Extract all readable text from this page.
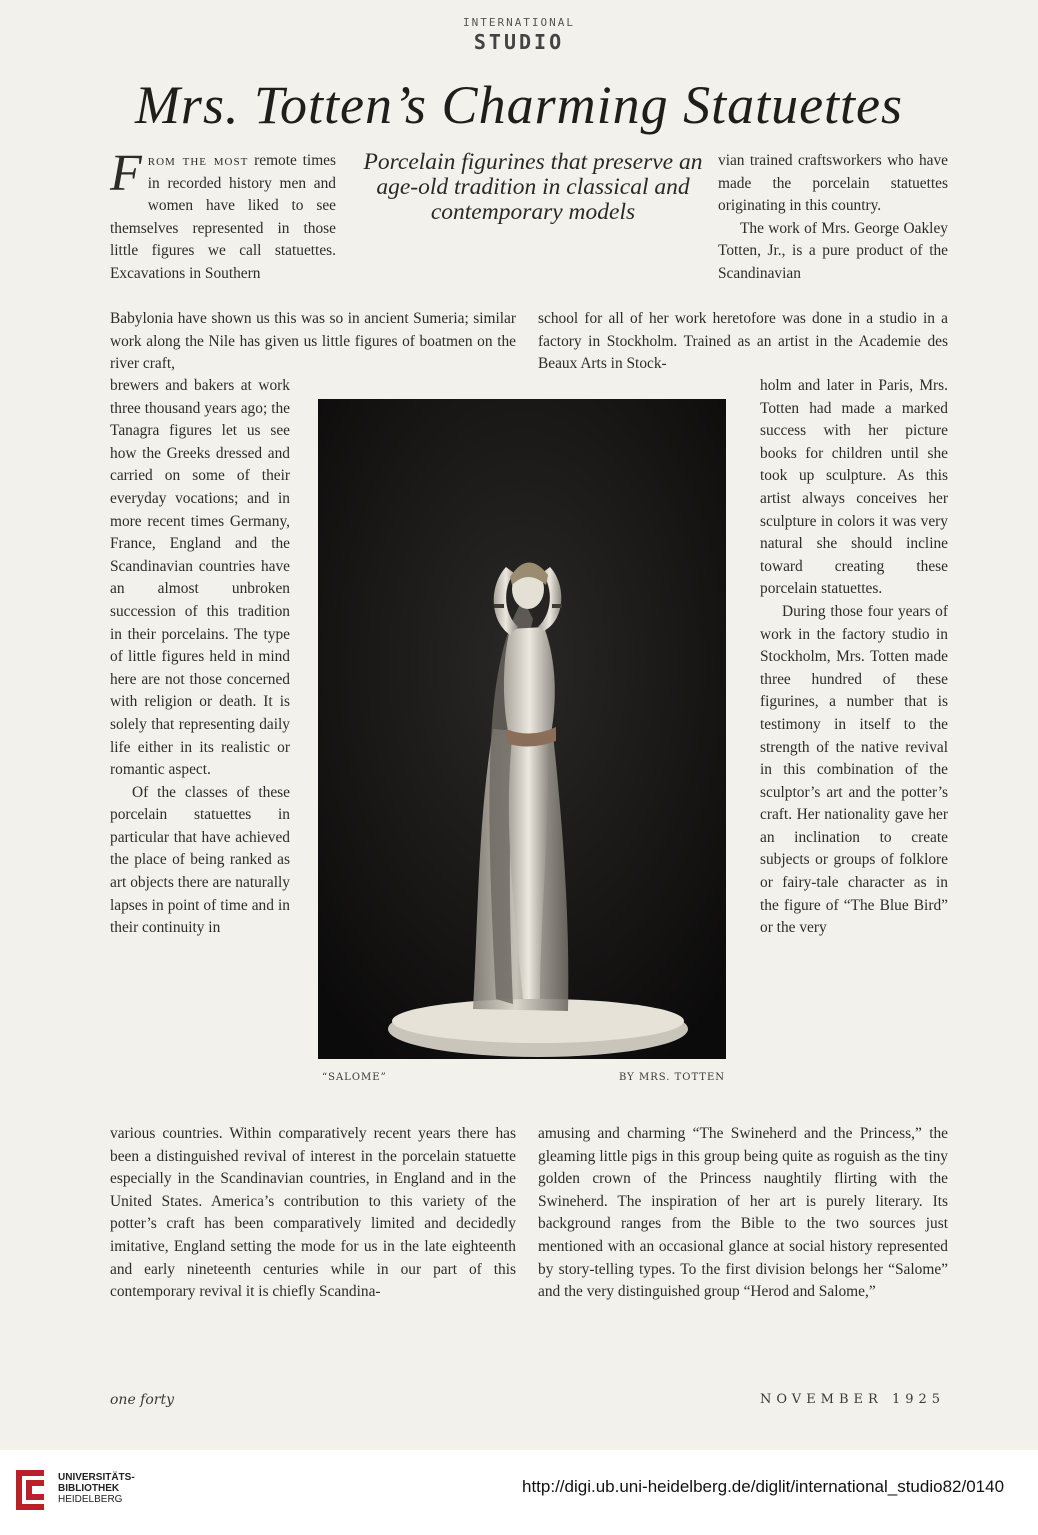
INTERNATIONAL
STUDIO
Mrs. Totten’s Charming Statuettes

From the most remote times in recorded history men and women have liked to see themselves represented in those little figures we call statuettes. Excavations in Southern

Porcelain figurines that preserve an age-old tradition in classical and contemporary models

vian trained craftsworkers who have made the porcelain statuettes originating in this country.

The work of Mrs. George Oakley Totten, Jr., is a pure product of the Scandinavian

Babylonia have shown us this was so in ancient Sumeria; similar work along the Nile has given us little figures of boatmen on the river craft,

school for all of her work heretofore was done in a studio in a factory in Stockholm. Trained as an artist in the Academie des Beaux Arts in Stock-

brewers and bakers at work three thousand years ago; the Tanagra figures let us see how the Greeks dressed and carried on some of their everyday vocations; and in more recent times Germany, France, England and the Scandinavian countries have an almost unbroken succession of this tradition in their porcelains. The type of little figures held in mind here are not those concerned with religion or death. It is solely that representing daily life either in its realistic or romantic aspect.

Of the classes of these porcelain statuettes in particular that have achieved the place of being ranked as art objects there are naturally lapses in point of time and in their continuity in

holm and later in Paris, Mrs. Totten had made a marked success with her picture books for children until she took up sculpture. As this artist always conceives her sculpture in colors it was very natural she should incline toward creating these porcelain statuettes.

During those four years of work in the factory studio in Stockholm, Mrs. Totten made three hundred of these figurines, a number that is testimony in itself to the strength of the native revival in this combination of the sculptor’s art and the potter’s craft. Her nationality gave her an inclination to create subjects or groups of folklore or fairy-tale character as in the figure of “The Blue Bird” or the very

“SALOME”	BY MRS. TOTTEN

various countries. Within comparatively recent years there has been a distinguished revival of interest in the porcelain statuette especially in the Scandinavian countries, in England and in the United States. America’s contribution to this variety of the potter’s craft has been comparatively limited and decidedly imitative, England setting the mode for us in the late eighteenth and early nineteenth centuries while in our part of this contemporary revival it is chiefly Scandina-

amusing and charming “The Swineherd and the Princess,” the gleaming little pigs in this group being quite as roguish as the tiny golden crown of the Princess naughtily flirting with the Swineherd. The inspiration of her art is purely literary. Its background ranges from the Bible to the two sources just mentioned with an occasional glance at social history represented by story-telling types. To the first division belongs her “Salome” and the very distinguished group “Herod and Salome,”

one forty	NOVEMBER 1925
UNIVERSITÄTS-
BIBLIOTHEK
HEIDELBERG
http://digi.ub.uni-heidelberg.de/diglit/international_studio82/0140
